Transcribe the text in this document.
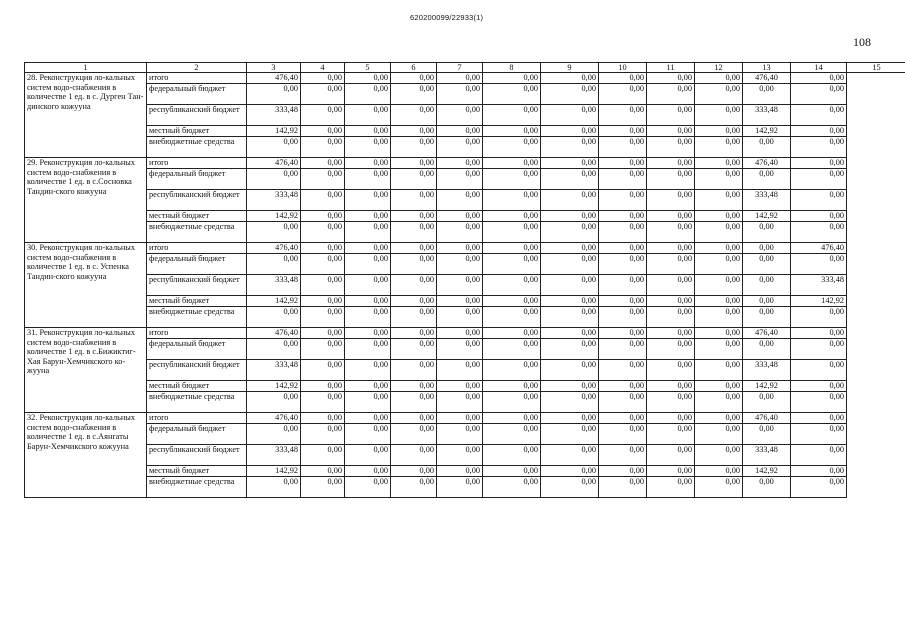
620200099/22933(1)
108
1	2	3	4	5	6	7	8	9	10	11	12	13	14	15
28. Реконструкция ло-кальных систем водо-снабжения в количестве 1 ед. в с. Дурген Тан-динского кожууна	итого	476,40	0,00	0,00	0,00	0,00	0,00	0,00	0,00	0,00	0,00	476,40	0,00	
	федеральный бюджет	0,00	0,00	0,00	0,00	0,00	0,00	0,00	0,00	0,00	0,00	0,00	0,00	
	республиканский бюджет	333,48	0,00	0,00	0,00	0,00	0,00	0,00	0,00	0,00	0,00	333,48	0,00	
	местный бюджет	142,92	0,00	0,00	0,00	0,00	0,00	0,00	0,00	0,00	0,00	142,92	0,00	
	внебюджетные средства	0,00	0,00	0,00	0,00	0,00	0,00	0,00	0,00	0,00	0,00	0,00	0,00	
29. Реконструкция ло-кальных систем водо-снабжения в количестве 1 ед. в с.Сосновка Тандин-ского кожууна	итого	476,40	0,00	0,00	0,00	0,00	0,00	0,00	0,00	0,00	0,00	476,40	0,00	
	федеральный бюджет	0,00	0,00	0,00	0,00	0,00	0,00	0,00	0,00	0,00	0,00	0,00	0,00	
	республиканский бюджет	333,48	0,00	0,00	0,00	0,00	0,00	0,00	0,00	0,00	0,00	333,48	0,00	
	местный бюджет	142,92	0,00	0,00	0,00	0,00	0,00	0,00	0,00	0,00	0,00	142,92	0,00	
	внебюджетные средства	0,00	0,00	0,00	0,00	0,00	0,00	0,00	0,00	0,00	0,00	0,00	0,00	
30. Реконструкция ло-кальных систем водо-снабжения в количестве 1 ед. в с. Успенка Тандин-ского кожууна	итого	476,40	0,00	0,00	0,00	0,00	0,00	0,00	0,00	0,00	0,00	0,00	476,40	
	федеральный бюджет	0,00	0,00	0,00	0,00	0,00	0,00	0,00	0,00	0,00	0,00	0,00	0,00	
	республиканский бюджет	333,48	0,00	0,00	0,00	0,00	0,00	0,00	0,00	0,00	0,00	0,00	333,48	
	местный бюджет	142,92	0,00	0,00	0,00	0,00	0,00	0,00	0,00	0,00	0,00	0,00	142,92	
	внебюджетные средства	0,00	0,00	0,00	0,00	0,00	0,00	0,00	0,00	0,00	0,00	0,00	0,00	
31. Реконструкция ло-кальных систем водо-снабжения в количестве 1 ед. в с.Бижиктиг-Хая Барун-Хемчикского ко-жууна	итого	476,40	0,00	0,00	0,00	0,00	0,00	0,00	0,00	0,00	0,00	476,40	0,00	
	федеральный бюджет	0,00	0,00	0,00	0,00	0,00	0,00	0,00	0,00	0,00	0,00	0,00	0,00	
	республиканский бюджет	333,48	0,00	0,00	0,00	0,00	0,00	0,00	0,00	0,00	0,00	333,48	0,00	
	местный бюджет	142,92	0,00	0,00	0,00	0,00	0,00	0,00	0,00	0,00	0,00	142,92	0,00	
	внебюджетные средства	0,00	0,00	0,00	0,00	0,00	0,00	0,00	0,00	0,00	0,00	0,00	0,00	
32. Реконструкция ло-кальных систем водо-снабжения в количестве 1 ед. в с.Аянгаты Барун-Хемчикского кожууна	итого	476,40	0,00	0,00	0,00	0,00	0,00	0,00	0,00	0,00	0,00	476,40	0,00	
	федеральный бюджет	0,00	0,00	0,00	0,00	0,00	0,00	0,00	0,00	0,00	0,00	0,00	0,00	
	республиканский бюджет	333,48	0,00	0,00	0,00	0,00	0,00	0,00	0,00	0,00	0,00	333,48	0,00	
	местный бюджет	142,92	0,00	0,00	0,00	0,00	0,00	0,00	0,00	0,00	0,00	142,92	0,00	
	внебюджетные средства	0,00	0,00	0,00	0,00	0,00	0,00	0,00	0,00	0,00	0,00	0,00	0,00	
